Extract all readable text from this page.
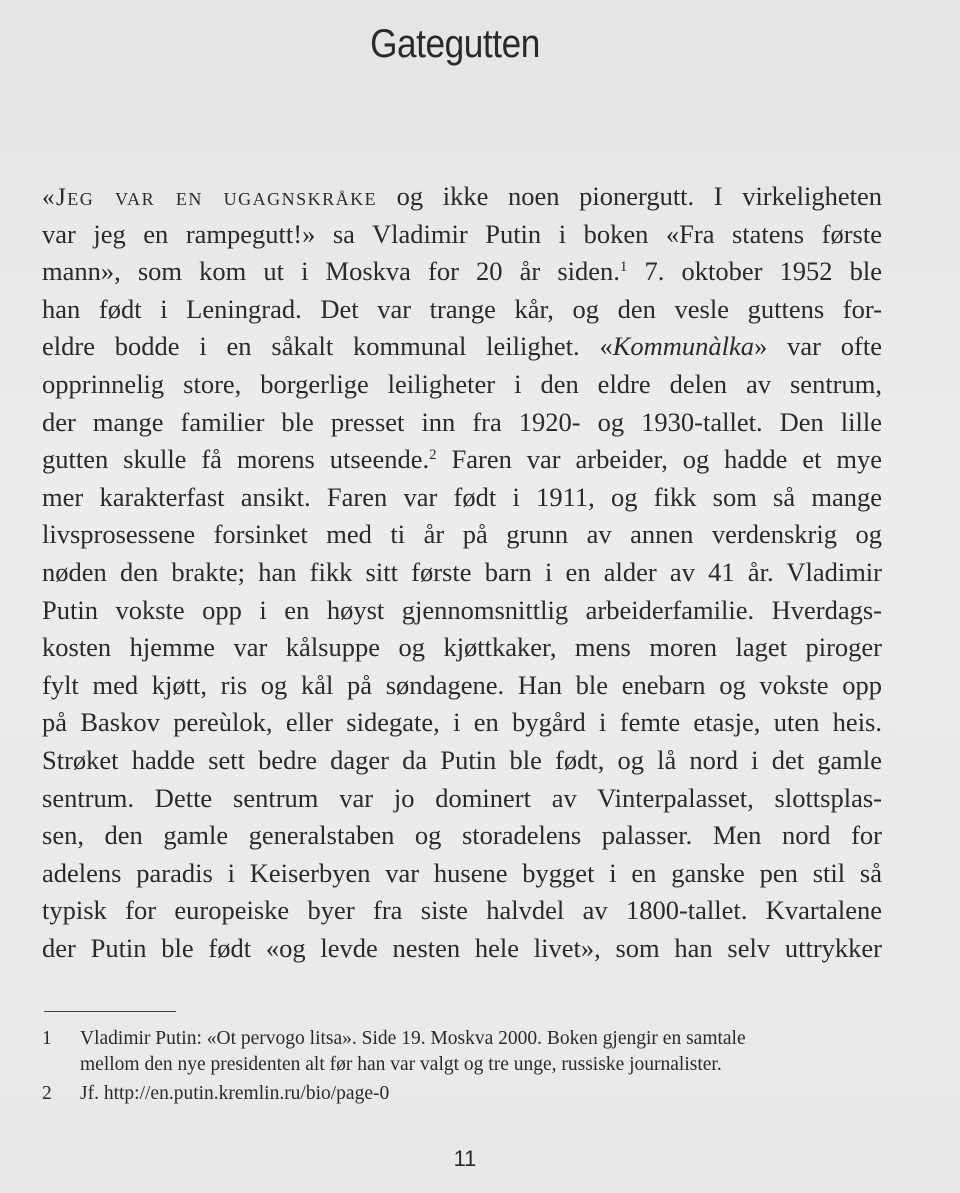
Gategutten
«Jeg var en ugagnskråke og ikke noen pionergutt. I virkeligheten
var jeg en rampegutt!» sa Vladimir Putin i boken «Fra statens første
mann», som kom ut i Moskva for 20 år siden.$^1$ 7. oktober 1952 ble
han født i Leningrad. Det var trange kår, og den vesle guttens for-
eldre bodde i en såkalt kommunal leilighet. «Kommunàlka» var ofte
opprinnelig store, borgerlige leiligheter i den eldre delen av sentrum,
der mange familier ble presset inn fra 1920- og 1930-tallet. Den lille
gutten skulle få morens utseende.$^2$ Faren var arbeider, og hadde et mye
mer karakterfast ansikt. Faren var født i 1911, og fikk som så mange
livsprosessene forsinket med ti år på grunn av annen verdenskrig og
nøden den brakte; han fikk sitt første barn i en alder av 41 år. Vladimir
Putin vokste opp i en høyst gjennomsnittlig arbeiderfamilie. Hverdags-
kosten hjemme var kålsuppe og kjøttkaker, mens moren laget piroger
fylt med kjøtt, ris og kål på søndagene. Han ble enebarn og vokste opp
på Baskov pereùlok, eller sidegate, i en bygård i femte etasje, uten heis.
Strøket hadde sett bedre dager da Putin ble født, og lå nord i det gamle
sentrum. Dette sentrum var jo dominert av Vinterpalasset, slottsplas-
sen, den gamle generalstaben og storadelens palasser. Men nord for
adelens paradis i Keiserbyen var husene bygget i en ganske pen stil så
typisk for europeiske byer fra siste halvdel av 1800-tallet. Kvartalene
der Putin ble født «og levde nesten hele livet», som han selv uttrykker
1 Vladimir Putin: «Ot pervogo litsa». Side 19. Moskva 2000. Boken gjengir en samtale
mellom den nye presidenten alt før han var valgt og tre unge, russiske journalister.
2 Jf. http://en.putin.kremlin.ru/bio/page-0
11
